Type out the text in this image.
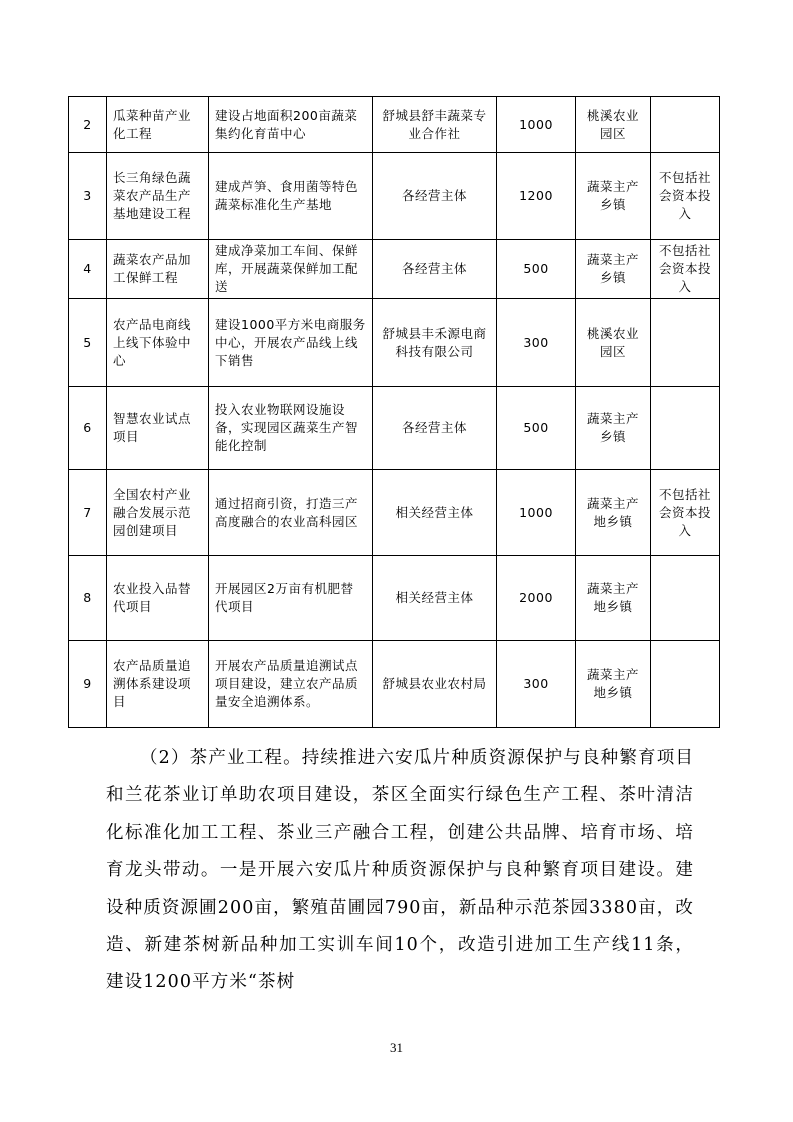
2	瓜菜种苗产业化工程	建设占地面积200亩蔬菜集约化育苗中心	舒城县舒丰蔬菜专业合作社	1000	桃溪农业园区	
3	长三角绿色蔬菜农产品生产基地建设工程	建成芦笋、食用菌等特色蔬菜标准化生产基地	各经营主体	1200	蔬菜主产乡镇	不包括社会资本投入
4	蔬菜农产品加工保鲜工程	建成净菜加工车间、保鲜库，开展蔬菜保鲜加工配送	各经营主体	500	蔬菜主产乡镇	不包括社会资本投入
5	农产品电商线上线下体验中心	建设1000平方米电商服务中心，开展农产品线上线下销售	舒城县丰禾源电商科技有限公司	300	桃溪农业园区	
6	智慧农业试点项目	投入农业物联网设施设备，实现园区蔬菜生产智能化控制	各经营主体	500	蔬菜主产乡镇	
7	全国农村产业融合发展示范园创建项目	通过招商引资，打造三产高度融合的农业高科园区	相关经营主体	1000	蔬菜主产地乡镇	不包括社会资本投入
8	农业投入品替代项目	开展园区2万亩有机肥替代项目	相关经营主体	2000	蔬菜主产地乡镇	
9	农产品质量追溯体系建设项目	开展农产品质量追溯试点项目建设，建立农产品质量安全追溯体系。	舒城县农业农村局	300	蔬菜主产地乡镇	

（2）茶产业工程。持续推进六安瓜片种质资源保护与良种繁育项目和兰花茶业订单助农项目建设，茶区全面实行绿色生产工程、茶叶清洁化标准化加工工程、茶业三产融合工程，创建公共品牌、培育市场、培育龙头带动。一是开展六安瓜片种质资源保护与良种繁育项目建设。建设种质资源圃200亩，繁殖苗圃园790亩，新品种示范茶园3380亩，改造、新建茶树新品种加工实训车间10个，改造引进加工生产线11条， 建设1200平方米“茶树

31
